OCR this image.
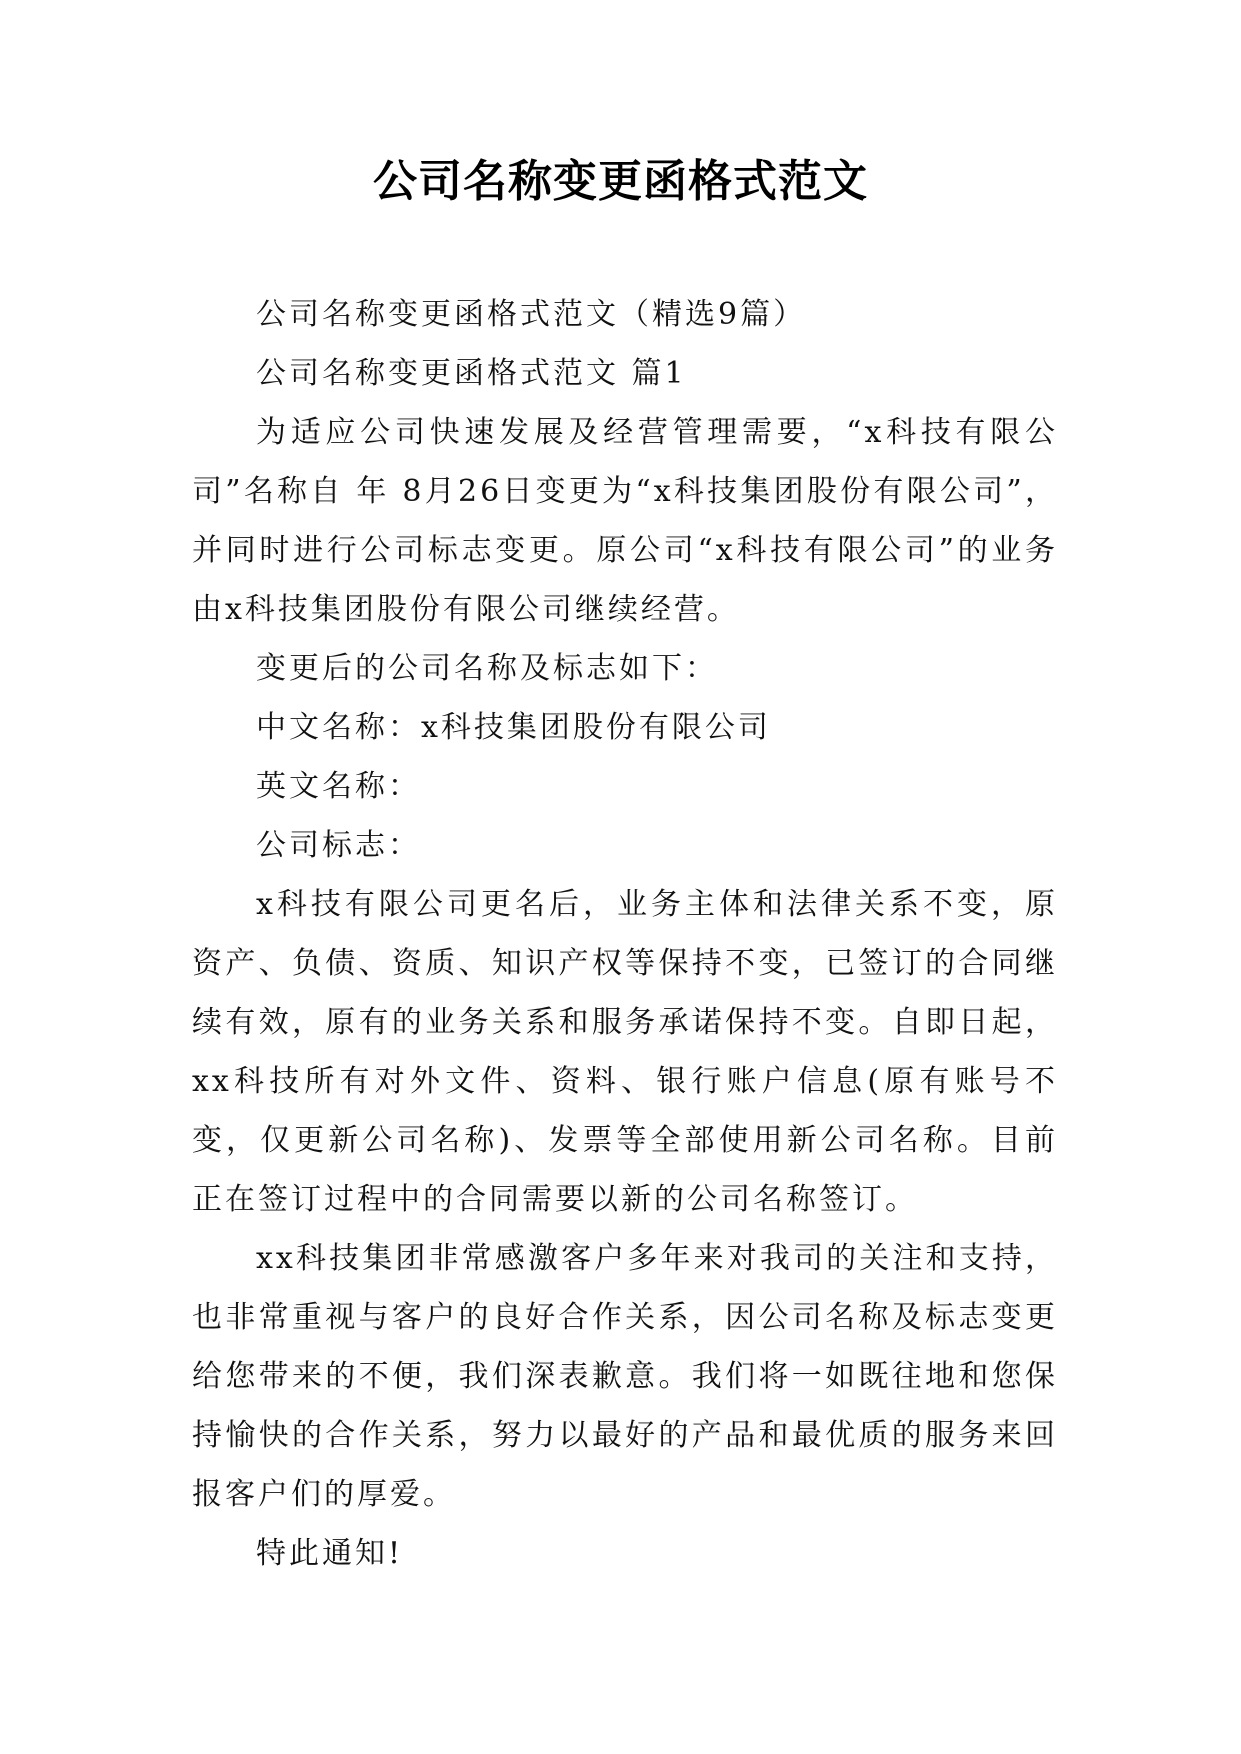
公司名称变更函格式范文

公司名称变更函格式范文（精选9篇）

公司名称变更函格式范文 篇1

为适应公司快速发展及经营管理需要，“x科技有限公司”名称自 年 8月26日变更为“x科技集团股份有限公司”，并同时进行公司标志变更。原公司“x科技有限公司”的业务由x科技集团股份有限公司继续经营。

变更后的公司名称及标志如下：

中文名称：x科技集团股份有限公司

英文名称：

公司标志：

x科技有限公司更名后，业务主体和法律关系不变，原资产、负债、资质、知识产权等保持不变，已签订的合同继续有效，原有的业务关系和服务承诺保持不变。自即日起，xx科技所有对外文件、资料、银行账户信息(原有账号不变，仅更新公司名称)、发票等全部使用新公司名称。目前正在签订过程中的合同需要以新的公司名称签订。

xx科技集团非常感激客户多年来对我司的关注和支持，也非常重视与客户的良好合作关系，因公司名称及标志变更给您带来的不便，我们深表歉意。我们将一如既往地和您保持愉快的合作关系，努力以最好的产品和最优质的服务来回报客户们的厚爱。

特此通知!
